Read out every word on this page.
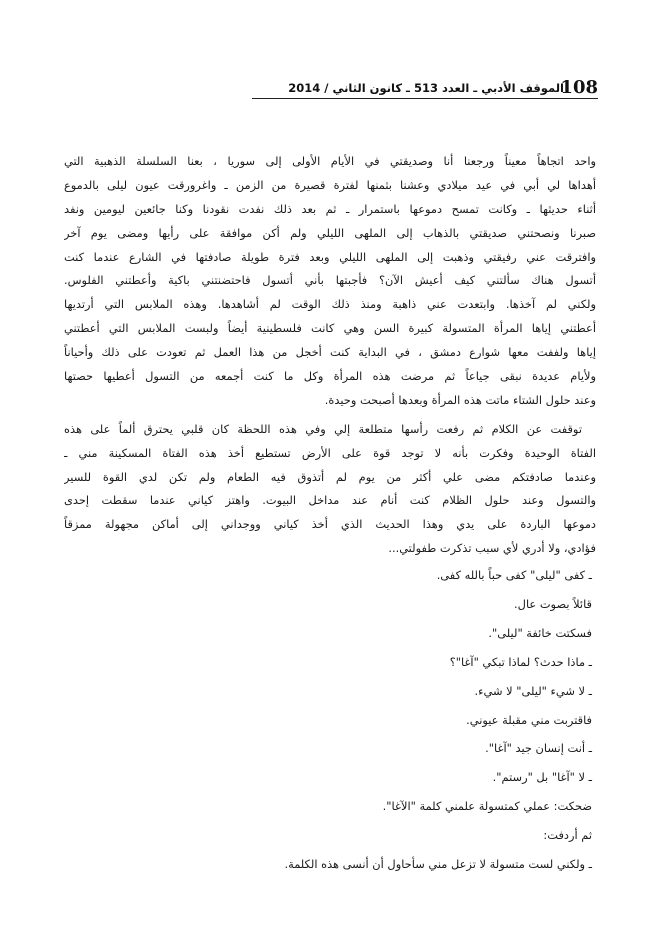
108
الموقف الأدبي ـ العدد 513 ـ كانون الثاني / 2014
واحد اتجاهاً معيناً ورجعنا أنا وصديقتي في الأيام الأولى إلى سوريا ، بعنا السلسلة الذهبية التي
أهداها لي أبي في عيد ميلادي وعشنا بثمنها لفترة قصيرة من الزمن ـ واغرورقت عيون ليلى بالدموع
أثناء حديثها ـ وكانت تمسح دموعها باستمرار ـ ثم بعد ذلك نفدت نقودنا وكنا جائعين ليومين ونفد
صبرنا ونصحتني صديقتي بالذهاب إلى الملهى الليلي ولم أكن موافقة على رأيها ومضى يوم آخر
وافترقت عني رفيقتي وذهبت إلى الملهى الليلي وبعد فترة طويلة صادفتها في الشارع عندما كنت
أتسول هناك سألتني كيف أعيش الآن؟ فأجبتها بأني أتسول فاحتضنتني باكية وأعطتني الفلوس.
ولكني لم آخذها. وابتعدت عني ذاهبة ومنذ ذلك الوقت لم أشاهدها. وهذه الملابس التي أرتديها
أعطتني إياها المرأة المتسولة كبيرة السن وهي كانت فلسطينية أيضاً ولبست الملابس التي أعطتني
إياها ولففت معها شوارع دمشق ، في البداية كنت أخجل من هذا العمل ثم تعودت على ذلك وأحياناً
ولأيام عديدة نبقى جياعاً ثم مرضت هذه المرأة وكل ما كنت أجمعه من التسول أعطيها حصتها
وعند حلول الشتاء ماتت هذه المرأة وبعدها أصبحت وحيدة.
توقفت عن الكلام ثم رفعت رأسها متطلعة إلي وفي هذه اللحظة كان قلبي يحترق ألماً على هذه
الفتاة الوحيدة وفكرت بأنه لا توجد قوة على الأرض تستطيع أخذ هذه الفتاة المسكينة مني ـ
وعندما صادفتكم مضى علي أكثر من يوم لم أتذوق فيه الطعام ولم تكن لدي القوة للسير
والتسول وعند حلول الظلام كنت أنام عند مداخل البيوت. واهتز كياني عندما سقطت إحدى
دموعها الباردة على يدي وهذا الحديث الذي أخذ كياني ووجداني إلى أماكن مجهولة ممزقاً
فؤادي، ولا أدري لأي سبب تذكرت طفولتي...
ـ كفى "ليلى" كفى حباً بالله كفى.
قائلاً بصوت عال.
فسكتت خائفة "ليلى".
ـ ماذا حدث؟ لماذا تبكي "آغا"؟
ـ لا شيء "ليلى" لا شيء.
فاقتربت مني مقبلة عيوني.
ـ أنت إنسان جيد "آغا".
ـ لا "آغا" بل "رستم".
ضحكت: عملي كمتسولة علمني كلمة "الآغا".
ثم أردفت:
ـ ولكني لست متسولة لا تزعل مني سأحاول أن أنسى هذه الكلمة.
